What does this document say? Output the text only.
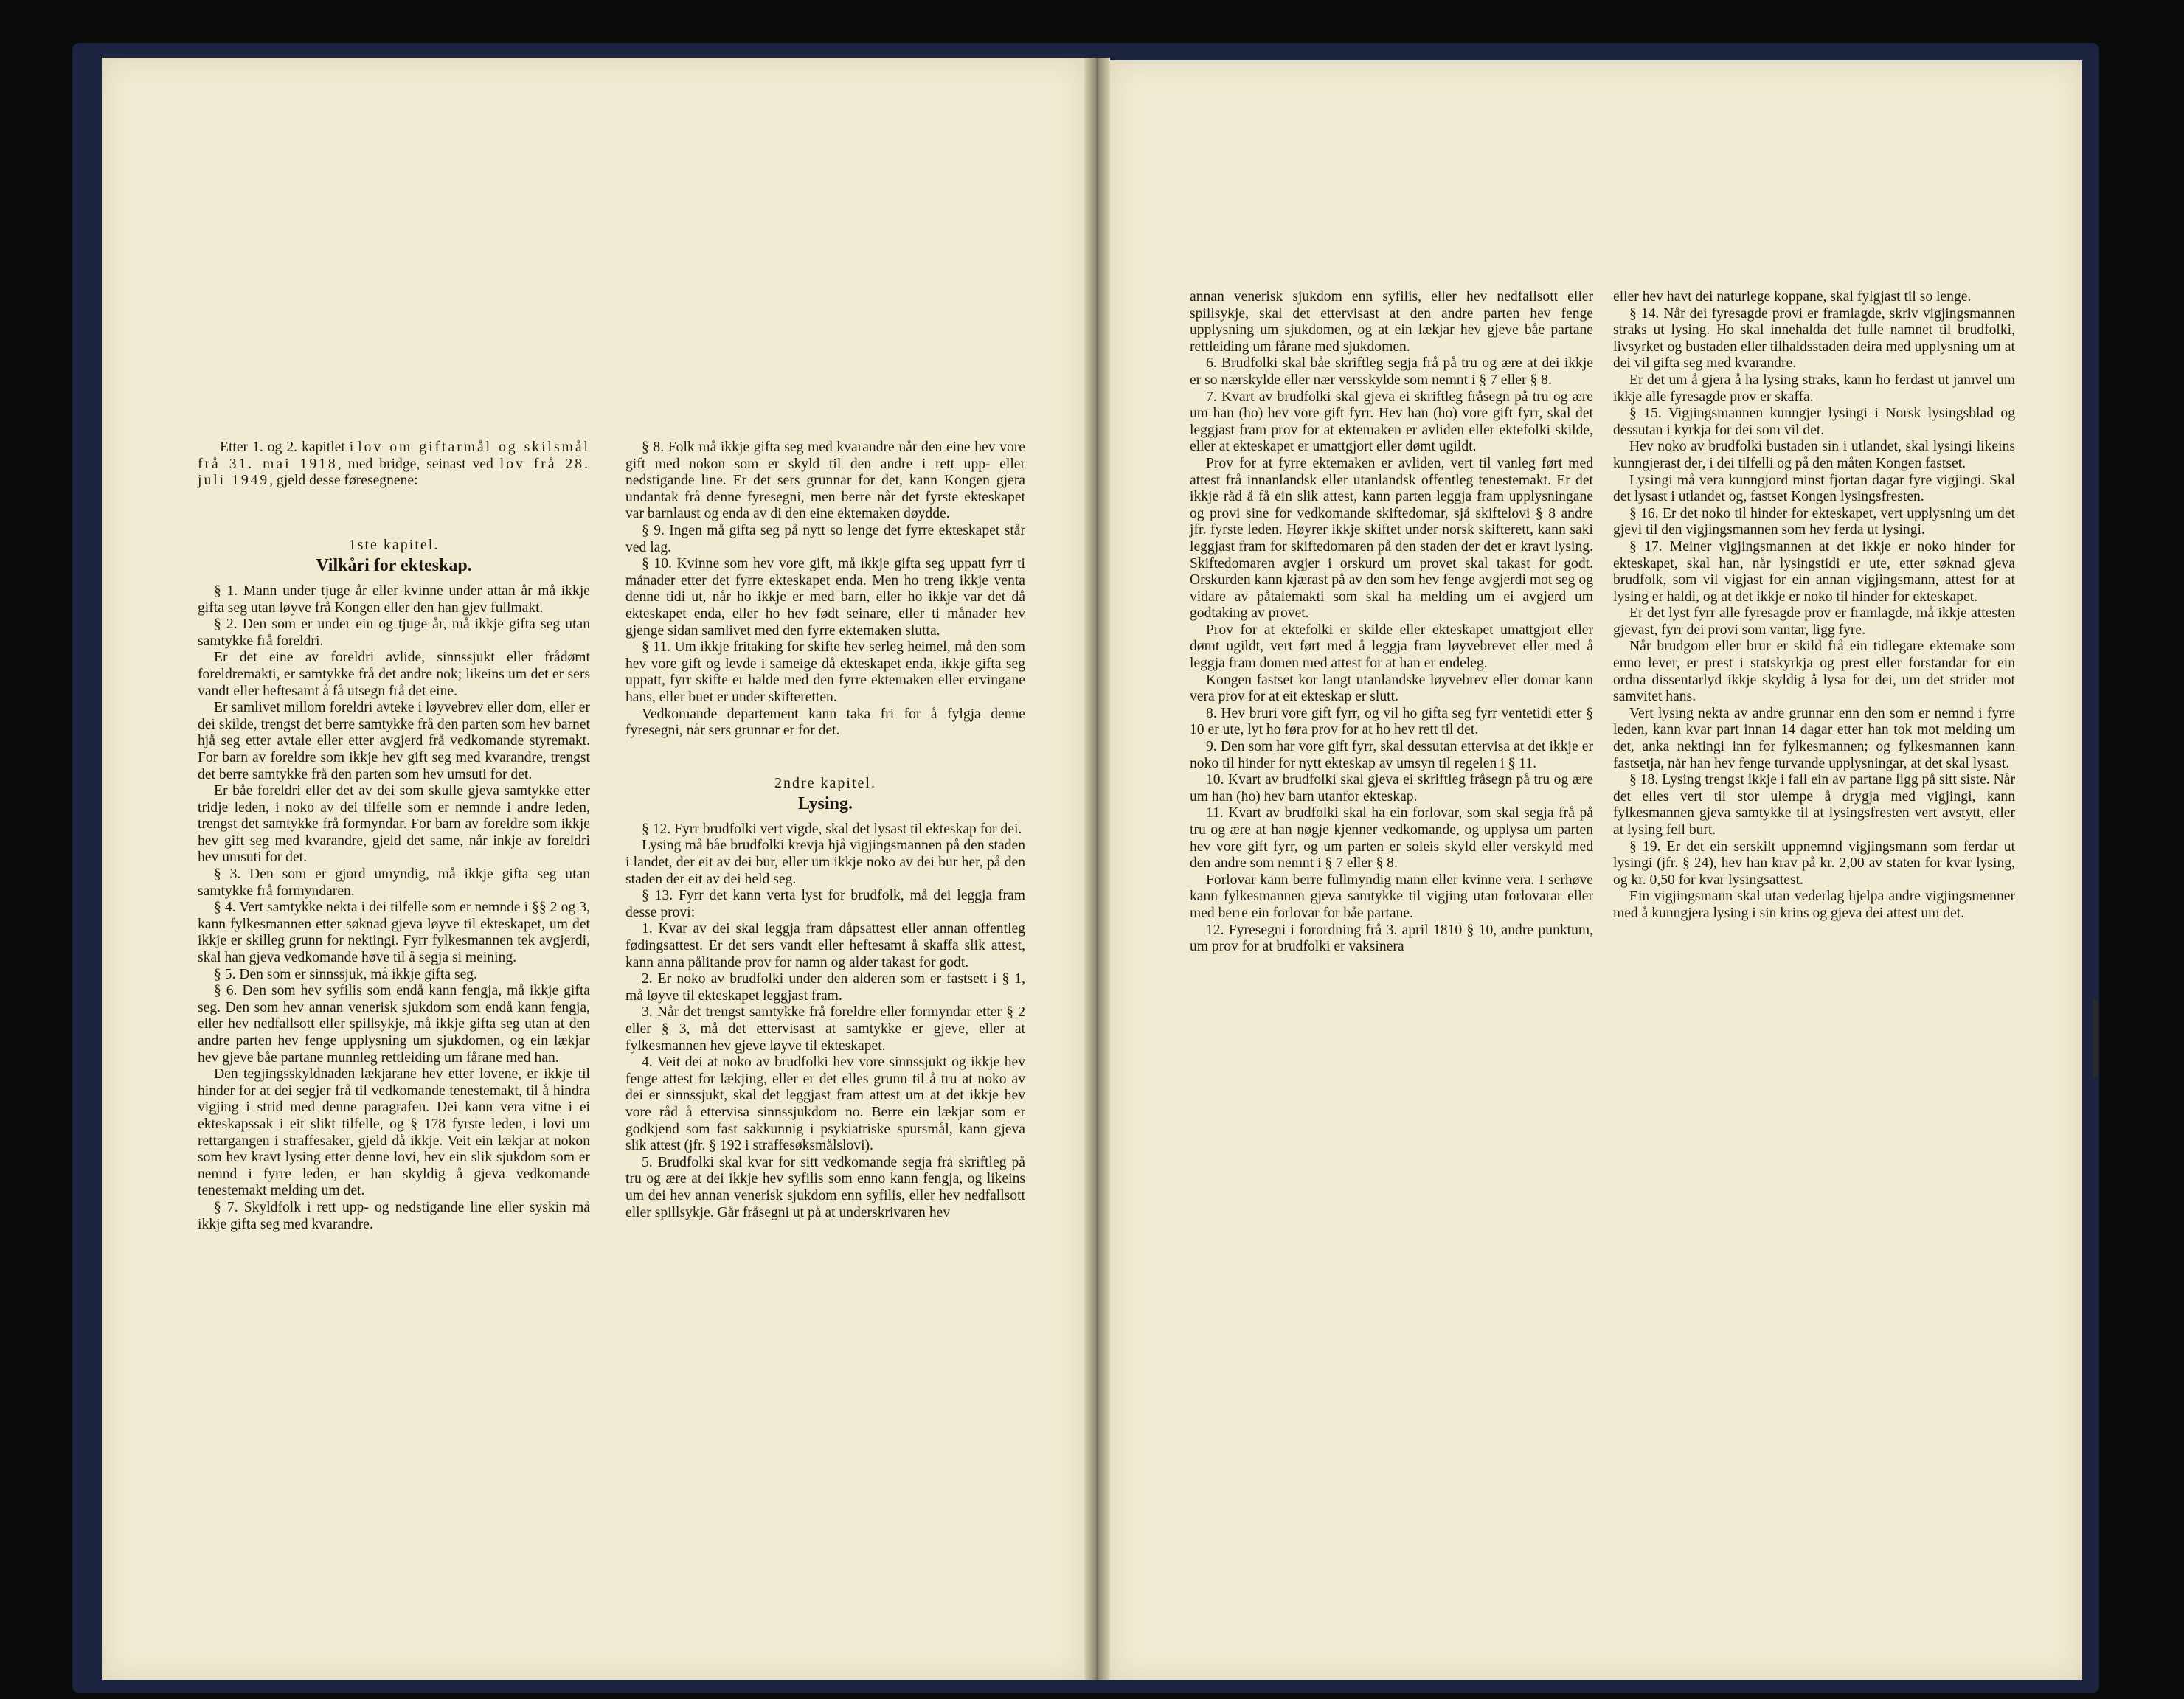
Etter 1. og 2. kapitlet i lov om giftarmål og skilsmål frå 31. mai 1918, med bridge, seinast ved lov frå 28. juli 1949, gjeld desse føresegnene:

1ste kapitel.
Vilkåri for ekteskap.

§ 1. Mann under tjuge år eller kvinne under attan år må ikkje gifta seg utan løyve frå Kongen eller den han gjev fullmakt.

§ 2. Den som er under ein og tjuge år, må ikkje gifta seg utan samtykke frå foreldri.

Er det eine av foreldri avlide, sinnssjukt eller frådømt foreldremakti, er samtykke frå det andre nok; likeins um det er sers vandt eller heftesamt å få utsegn frå det eine.

Er samlivet millom foreldri avteke i løyvebrev eller dom, eller er dei skilde, trengst det berre samtykke frå den parten som hev barnet hjå seg etter avtale eller etter avgjerd frå vedkomande styremakt. For barn av foreldre som ikkje hev gift seg med kvarandre, trengst det berre samtykke frå den parten som hev umsuti for det.

Er båe foreldri eller det av dei som skulle gjeva samtykke etter tridje leden, i noko av dei tilfelle som er nemnde i andre leden, trengst det samtykke frå formyndar. For barn av foreldre som ikkje hev gift seg med kvarandre, gjeld det same, når inkje av foreldri hev umsuti for det.

§ 3. Den som er gjord umyndig, må ikkje gifta seg utan samtykke frå formyndaren.

§ 4. Vert samtykke nekta i dei tilfelle som er nemnde i §§ 2 og 3, kann fylkesmannen etter søknad gjeva løyve til ekteskapet, um det ikkje er skilleg grunn for nektingi. Fyrr fylkesmannen tek avgjerdi, skal han gjeva vedkomande høve til å segja si meining.

§ 5. Den som er sinnssjuk, må ikkje gifta seg.

§ 6. Den som hev syfilis som endå kann fengja, må ikkje gifta seg. Den som hev annan venerisk sjukdom som endå kann fengja, eller hev nedfallsott eller spillsykje, må ikkje gifta seg utan at den andre parten hev fenge upplysning um sjukdomen, og ein lækjar hev gjeve båe partane munnleg rettleiding um fårane med han.

Den tegjingsskyldnaden lækjarane hev etter lovene, er ikkje til hinder for at dei segjer frå til vedkomande tenestemakt, til å hindra vigjing i strid med denne paragrafen. Dei kann vera vitne i ei ekteskapssak i eit slikt tilfelle, og § 178 fyrste leden, i lovi um rettargangen i straffesaker, gjeld då ikkje. Veit ein lækjar at nokon som hev kravt lysing etter denne lovi, hev ein slik sjukdom som er nemnd i fyrre leden, er han skyldig å gjeva vedkomande tenestemakt melding um det.

§ 7. Skyldfolk i rett upp- og nedstigande line eller syskin må ikkje gifta seg med kvarandre.

§ 8. Folk må ikkje gifta seg med kvarandre når den eine hev vore gift med nokon som er skyld til den andre i rett upp- eller nedstigande line. Er det sers grunnar for det, kann Kongen gjera undantak frå denne fyresegni, men berre når det fyrste ekteskapet var barnlaust og enda av di den eine ektemaken døydde.

§ 9. Ingen må gifta seg på nytt so lenge det fyrre ekteskapet står ved lag.

§ 10. Kvinne som hev vore gift, må ikkje gifta seg uppatt fyrr ti månader etter det fyrre ekteskapet enda. Men ho treng ikkje venta denne tidi ut, når ho ikkje er med barn, eller ho ikkje var det då ekteskapet enda, eller ho hev født seinare, eller ti månader hev gjenge sidan samlivet med den fyrre ektemaken slutta.

§ 11. Um ikkje fritaking for skifte hev serleg heimel, må den som hev vore gift og levde i sameige då ekteskapet enda, ikkje gifta seg uppatt, fyrr skifte er halde med den fyrre ektemaken eller ervingane hans, eller buet er under skifteretten.

Vedkomande departement kann taka fri for å fylgja denne fyresegni, når sers grunnar er for det.

2ndre kapitel.
Lysing.

§ 12. Fyrr brudfolki vert vigde, skal det lysast til ekteskap for dei.

Lysing må båe brudfolki krevja hjå vigjingsmannen på den staden i landet, der eit av dei bur, eller um ikkje noko av dei bur her, på den staden der eit av dei held seg.

§ 13. Fyrr det kann verta lyst for brudfolk, må dei leggja fram desse provi:

1. Kvar av dei skal leggja fram dåpsattest eller annan offentleg fødingsattest. Er det sers vandt eller heftesamt å skaffa slik attest, kann anna pålitande prov for namn og alder takast for godt.

2. Er noko av brudfolki under den alderen som er fastsett i § 1, må løyve til ekteskapet leggjast fram.

3. Når det trengst samtykke frå foreldre eller formyndar etter § 2 eller § 3, må det ettervisast at samtykke er gjeve, eller at fylkesmannen hev gjeve løyve til ekteskapet.

4. Veit dei at noko av brudfolki hev vore sinnssjukt og ikkje hev fenge attest for lækjing, eller er det elles grunn til å tru at noko av dei er sinnssjukt, skal det leggjast fram attest um at det ikkje hev vore råd å ettervisa sinnssjukdom no. Berre ein lækjar som er godkjend som fast sakkunnig i psykiatriske spursmål, kann gjeva slik attest (jfr. § 192 i straffesøksmålslovi).

5. Brudfolki skal kvar for sitt vedkomande segja frå skriftleg på tru og ære at dei ikkje hev syfilis som enno kann fengja, og likeins um dei hev annan venerisk sjukdom enn syfilis, eller hev nedfallsott eller spillsykje. Går fråsegni ut på at underskrivaren hev

annan venerisk sjukdom enn syfilis, eller hev nedfallsott eller spillsykje, skal det ettervisast at den andre parten hev fenge upplysning um sjukdomen, og at ein lækjar hev gjeve båe partane rettleiding um fårane med sjukdomen.

6. Brudfolki skal båe skriftleg segja frå på tru og ære at dei ikkje er so nærskylde eller nær versskylde som nemnt i § 7 eller § 8.

7. Kvart av brudfolki skal gjeva ei skriftleg fråsegn på tru og ære um han (ho) hev vore gift fyrr. Hev han (ho) vore gift fyrr, skal det leggjast fram prov for at ektemaken er avliden eller ektefolki skilde, eller at ekteskapet er umattgjort eller dømt ugildt.

Prov for at fyrre ektemaken er avliden, vert til vanleg ført med attest frå innanlandsk eller utanlandsk offentleg tenestemakt. Er det ikkje råd å få ein slik attest, kann parten leggja fram upplysningane og provi sine for vedkomande skiftedomar, sjå skiftelovi § 8 andre jfr. fyrste leden. Høyrer ikkje skiftet under norsk skifterett, kann saki leggjast fram for skiftedomaren på den staden der det er kravt lysing. Skiftedomaren avgjer i orskurd um provet skal takast for godt. Orskurden kann kjærast på av den som hev fenge avgjerdi mot seg og vidare av påtalemakti som skal ha melding um ei avgjerd um godtaking av provet.

Prov for at ektefolki er skilde eller ekteskapet umattgjort eller dømt ugildt, vert ført med å leggja fram løyvebrevet eller med å leggja fram domen med attest for at han er endeleg.

Kongen fastset kor langt utanlandske løyvebrev eller domar kann vera prov for at eit ekteskap er slutt.

8. Hev bruri vore gift fyrr, og vil ho gifta seg fyrr ventetidi etter § 10 er ute, lyt ho føra prov for at ho hev rett til det.

9. Den som har vore gift fyrr, skal dessutan ettervisa at det ikkje er noko til hinder for nytt ekteskap av umsyn til regelen i § 11.

10. Kvart av brudfolki skal gjeva ei skriftleg fråsegn på tru og ære um han (ho) hev barn utanfor ekteskap.

11. Kvart av brudfolki skal ha ein forlovar, som skal segja frå på tru og ære at han nøgje kjenner vedkomande, og upplysa um parten hev vore gift fyrr, og um parten er soleis skyld eller verskyld med den andre som nemnt i § 7 eller § 8.

Forlovar kann berre fullmyndig mann eller kvinne vera. I serhøve kann fylkesmannen gjeva samtykke til vigjing utan forlovarar eller med berre ein forlovar for båe partane.

12. Fyresegni i forordning frå 3. april 1810 § 10, andre punktum, um prov for at brudfolki er vaksinera

eller hev havt dei naturlege koppane, skal fylgjast til so lenge.

§ 14. Når dei fyresagde provi er framlagde, skriv vigjingsmannen straks ut lysing. Ho skal innehalda det fulle namnet til brudfolki, livsyrket og bustaden eller tilhaldsstaden deira med upplysning um at dei vil gifta seg med kvarandre.

Er det um å gjera å ha lysing straks, kann ho ferdast ut jamvel um ikkje alle fyresagde prov er skaffa.

§ 15. Vigjingsmannen kunngjer lysingi i Norsk lysingsblad og dessutan i kyrkja for dei som vil det.

Hev noko av brudfolki bustaden sin i utlandet, skal lysingi likeins kunngjerast der, i dei tilfelli og på den måten Kongen fastset.

Lysingi må vera kunngjord minst fjortan dagar fyre vigjingi. Skal det lysast i utlandet og, fastset Kongen lysingsfresten.

§ 16. Er det noko til hinder for ekteskapet, vert upplysning um det gjevi til den vigjingsmannen som hev ferda ut lysingi.

§ 17. Meiner vigjingsmannen at det ikkje er noko hinder for ekteskapet, skal han, når lysingstidi er ute, etter søknad gjeva brudfolk, som vil vigjast for ein annan vigjingsmann, attest for at lysing er haldi, og at det ikkje er noko til hinder for ekteskapet.

Er det lyst fyrr alle fyresagde prov er framlagde, må ikkje attesten gjevast, fyrr dei provi som vantar, ligg fyre.

Når brudgom eller brur er skild frå ein tidlegare ektemake som enno lever, er prest i statskyrkja og prest eller forstandar for ein ordna dissentarlyd ikkje skyldig å lysa for dei, um det strider mot samvitet hans.

Vert lysing nekta av andre grunnar enn den som er nemnd i fyrre leden, kann kvar part innan 14 dagar etter han tok mot melding um det, anka nektingi inn for fylkesmannen; og fylkesmannen kann fastsetja, når han hev fenge turvande upplysningar, at det skal lysast.

§ 18. Lysing trengst ikkje i fall ein av partane ligg på sitt siste. Når det elles vert til stor ulempe å drygja med vigjingi, kann fylkesmannen gjeva samtykke til at lysingsfresten vert avstytt, eller at lysing fell burt.

§ 19. Er det ein serskilt uppnemnd vigjingsmann som ferdar ut lysingi (jfr. § 24), hev han krav på kr. 2,00 av staten for kvar lysing, og kr. 0,50 for kvar lysingsattest.

Ein vigjingsmann skal utan vederlag hjelpa andre vigjingsmenner med å kunngjera lysing i sin krins og gjeva dei attest um det.
